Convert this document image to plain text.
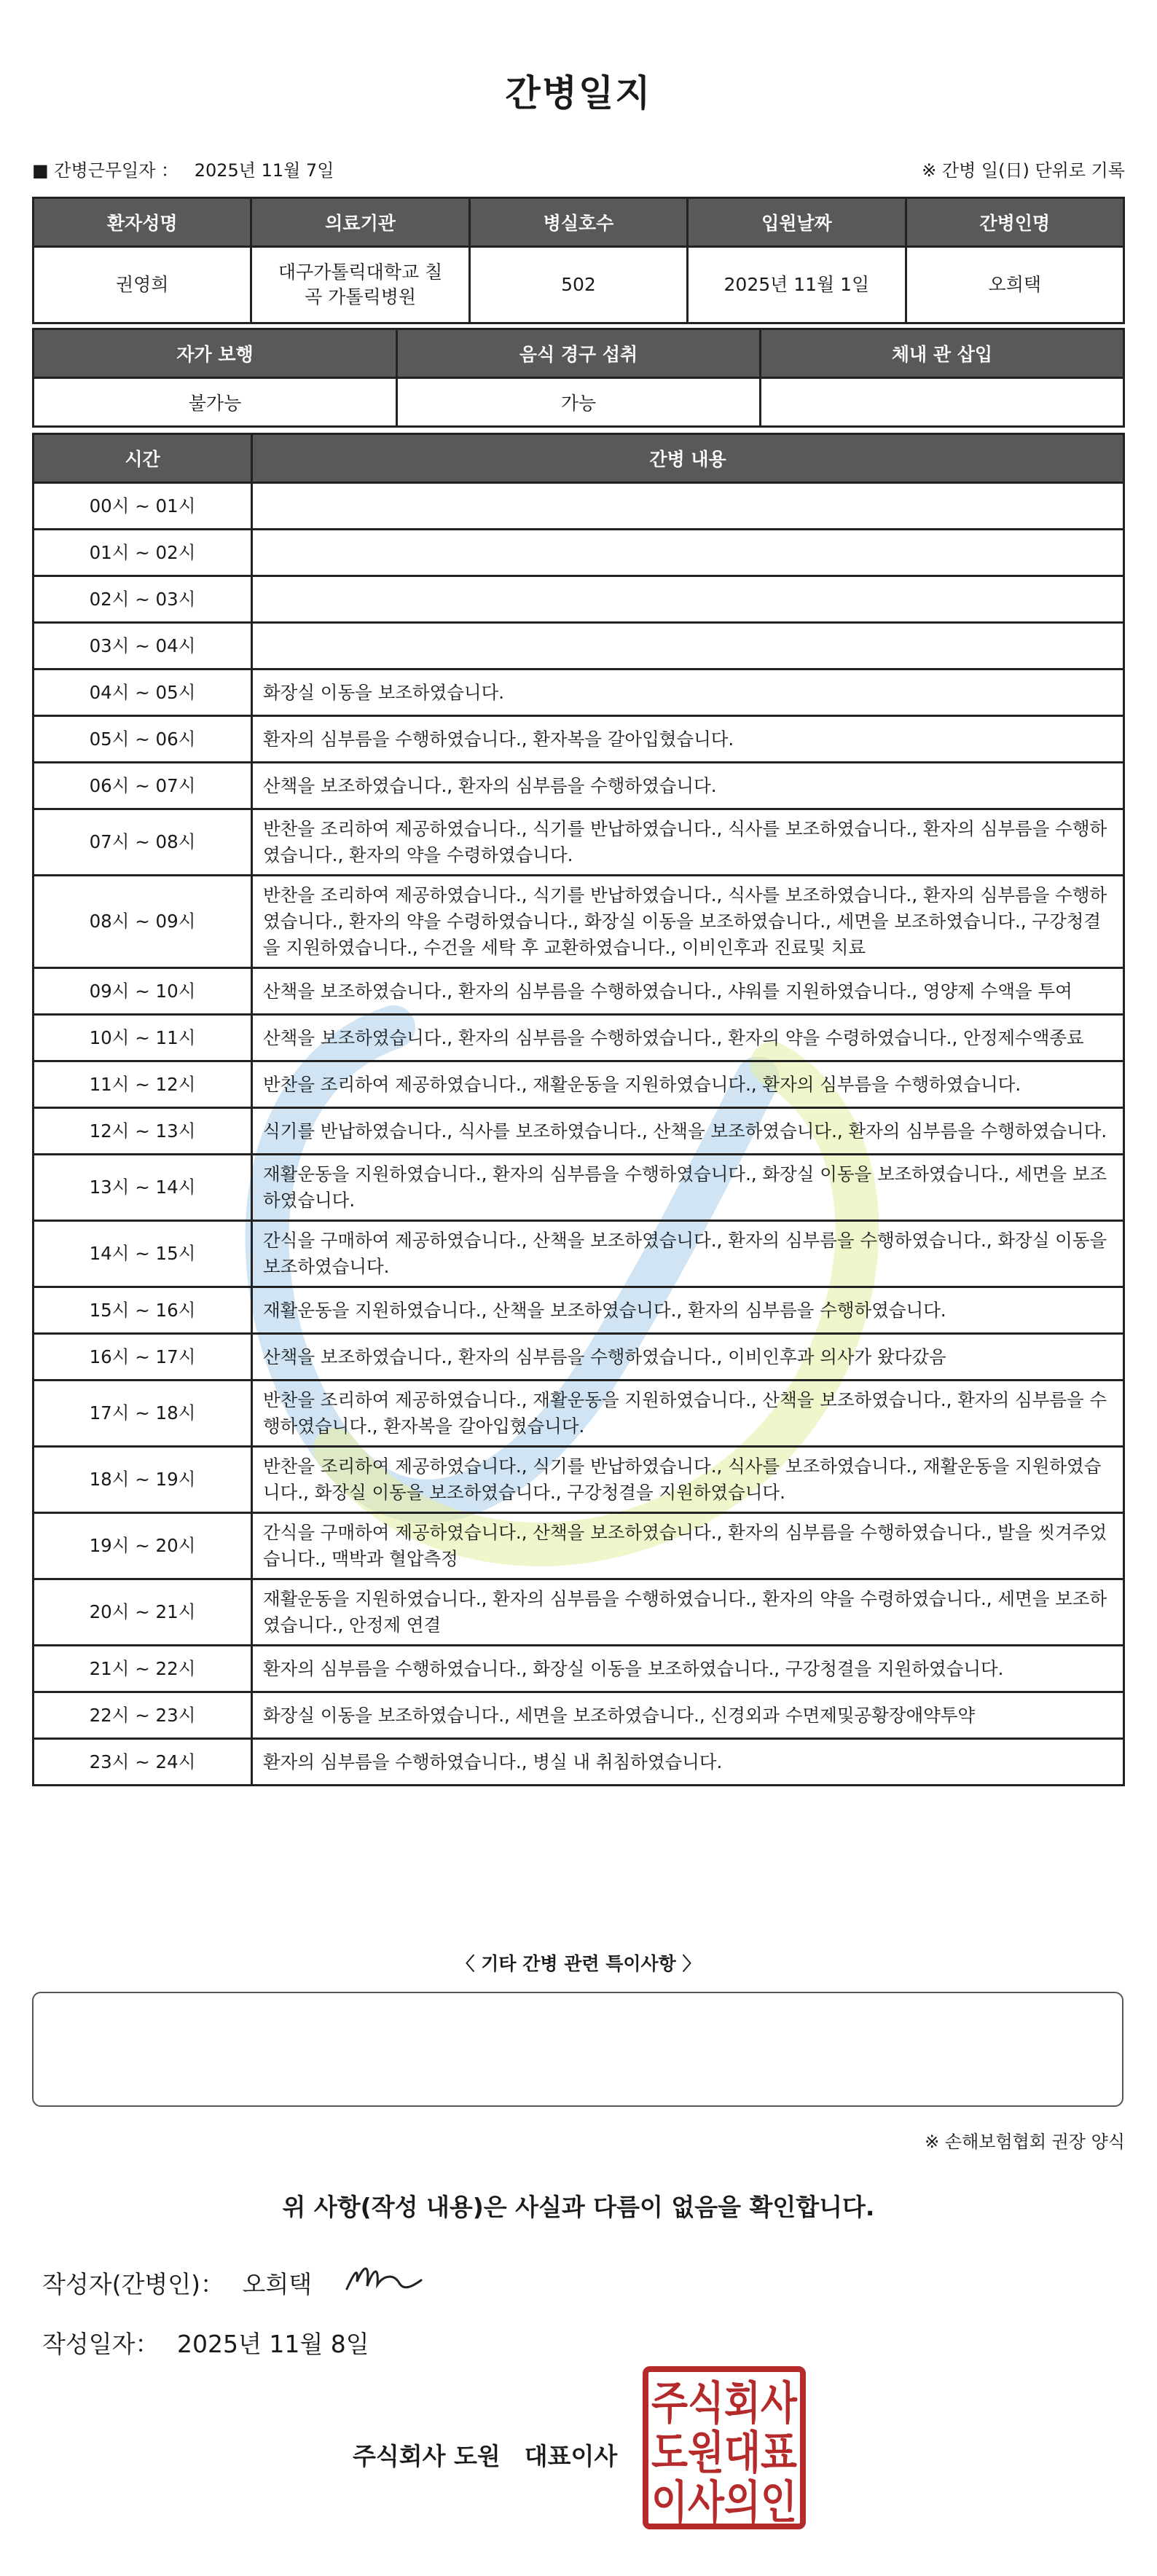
간병일지
■ 간병근무일자 ： 2025년 11월 7일	※ 간병 일(日) 단위로 기록
환자성명	의료기관	병실호수	입원날짜	간병인명
권영희	대구가톨릭대학교 칠곡 가톨릭병원	502	2025년 11월 1일	오희택
자가 보행	음식 경구 섭취	체내 관 삽입
불가능	가능	
시간	간병 내용
00시 ~ 01시	
01시 ~ 02시	
02시 ~ 03시	
03시 ~ 04시	
04시 ~ 05시	화장실 이동을 보조하였습니다.
05시 ~ 06시	환자의 심부름을 수행하였습니다., 환자복을 갈아입혔습니다.
06시 ~ 07시	산책을 보조하였습니다., 환자의 심부름을 수행하였습니다.
07시 ~ 08시	반찬을 조리하여 제공하였습니다., 식기를 반납하였습니다., 식사를 보조하였습니다., 환자의 심부름을 수행하였습니다., 환자의 약을 수령하였습니다.
08시 ~ 09시	반찬을 조리하여 제공하였습니다., 식기를 반납하였습니다., 식사를 보조하였습니다., 환자의 심부름을 수행하였습니다., 환자의 약을 수령하였습니다., 화장실 이동을 보조하였습니다., 세면을 보조하였습니다., 구강청결을 지원하였습니다., 수건을 세탁 후 교환하였습니다., 이비인후과 진료및 치료
09시 ~ 10시	산책을 보조하였습니다., 환자의 심부름을 수행하였습니다., 샤워를 지원하였습니다., 영양제 수액을 투여
10시 ~ 11시	산책을 보조하였습니다., 환자의 심부름을 수행하였습니다., 환자의 약을 수령하였습니다., 안정제수액종료
11시 ~ 12시	반찬을 조리하여 제공하였습니다., 재활운동을 지원하였습니다., 환자의 심부름을 수행하였습니다.
12시 ~ 13시	식기를 반납하였습니다., 식사를 보조하였습니다., 산책을 보조하였습니다., 환자의 심부름을 수행하였습니다.
13시 ~ 14시	재활운동을 지원하였습니다., 환자의 심부름을 수행하였습니다., 화장실 이동을 보조하였습니다., 세면을 보조하였습니다.
14시 ~ 15시	간식을 구매하여 제공하였습니다., 산책을 보조하였습니다., 환자의 심부름을 수행하였습니다., 화장실 이동을 보조하였습니다.
15시 ~ 16시	재활운동을 지원하였습니다., 산책을 보조하였습니다., 환자의 심부름을 수행하였습니다.
16시 ~ 17시	산책을 보조하였습니다., 환자의 심부름을 수행하였습니다., 이비인후과 의사가 왔다갔음
17시 ~ 18시	반찬을 조리하여 제공하였습니다., 재활운동을 지원하였습니다., 산책을 보조하였습니다., 환자의 심부름을 수행하였습니다., 환자복을 갈아입혔습니다.
18시 ~ 19시	반찬을 조리하여 제공하였습니다., 식기를 반납하였습니다., 식사를 보조하였습니다., 재활운동을 지원하였습니다., 화장실 이동을 보조하였습니다., 구강청결을 지원하였습니다.
19시 ~ 20시	간식을 구매하여 제공하였습니다., 산책을 보조하였습니다., 환자의 심부름을 수행하였습니다., 발을 씻겨주었습니다., 맥박과 혈압측정
20시 ~ 21시	재활운동을 지원하였습니다., 환자의 심부름을 수행하였습니다., 환자의 약을 수령하였습니다., 세면을 보조하였습니다., 안정제 연결
21시 ~ 22시	환자의 심부름을 수행하였습니다., 화장실 이동을 보조하였습니다., 구강청결을 지원하였습니다.
22시 ~ 23시	화장실 이동을 보조하였습니다., 세면을 보조하였습니다., 신경외과 수면제및공황장애약투약
23시 ~ 24시	환자의 심부름을 수행하였습니다., 병실 내 취침하였습니다.
〈 기타 간병 관련 특이사항 〉
※ 손해보험협회 권장 양식
위 사항(작성 내용)은 사실과 다름이 없음을 확인합니다.
작성자(간병인)： 오희택
작성일자： 2025년 11월 8일
주식회사 도원　대표이사
주식회사
도원대표
이사의인
